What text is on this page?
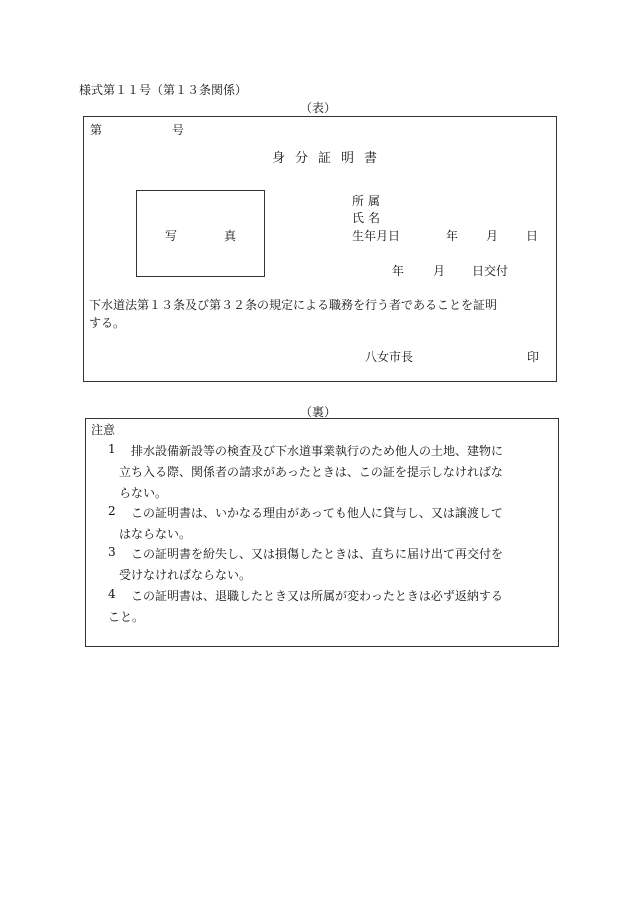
様式第１１号（第１３条関係）
（表）
第	号
身分証明書
写	真
所属
氏名
生年月日	年 月 日
年 月 日交付
下水道法第１３条及び第３２条の規定による職務を行う者であることを証明
する。
八女市長	印
（裏）
注意
1 排水設備新設等の検査及び下水道事業執行のため他人の土地、建物に
立ち入る際、関係者の請求があったときは、この証を提示しなければな
らない。
2 この証明書は、いかなる理由があっても他人に貸与し、又は譲渡して
はならない。
3 この証明書を紛失し、又は損傷したときは、直ちに届け出て再交付を
受けなければならない。
4 この証明書は、退職したとき又は所属が変わったときは必ず返納する
こと。
